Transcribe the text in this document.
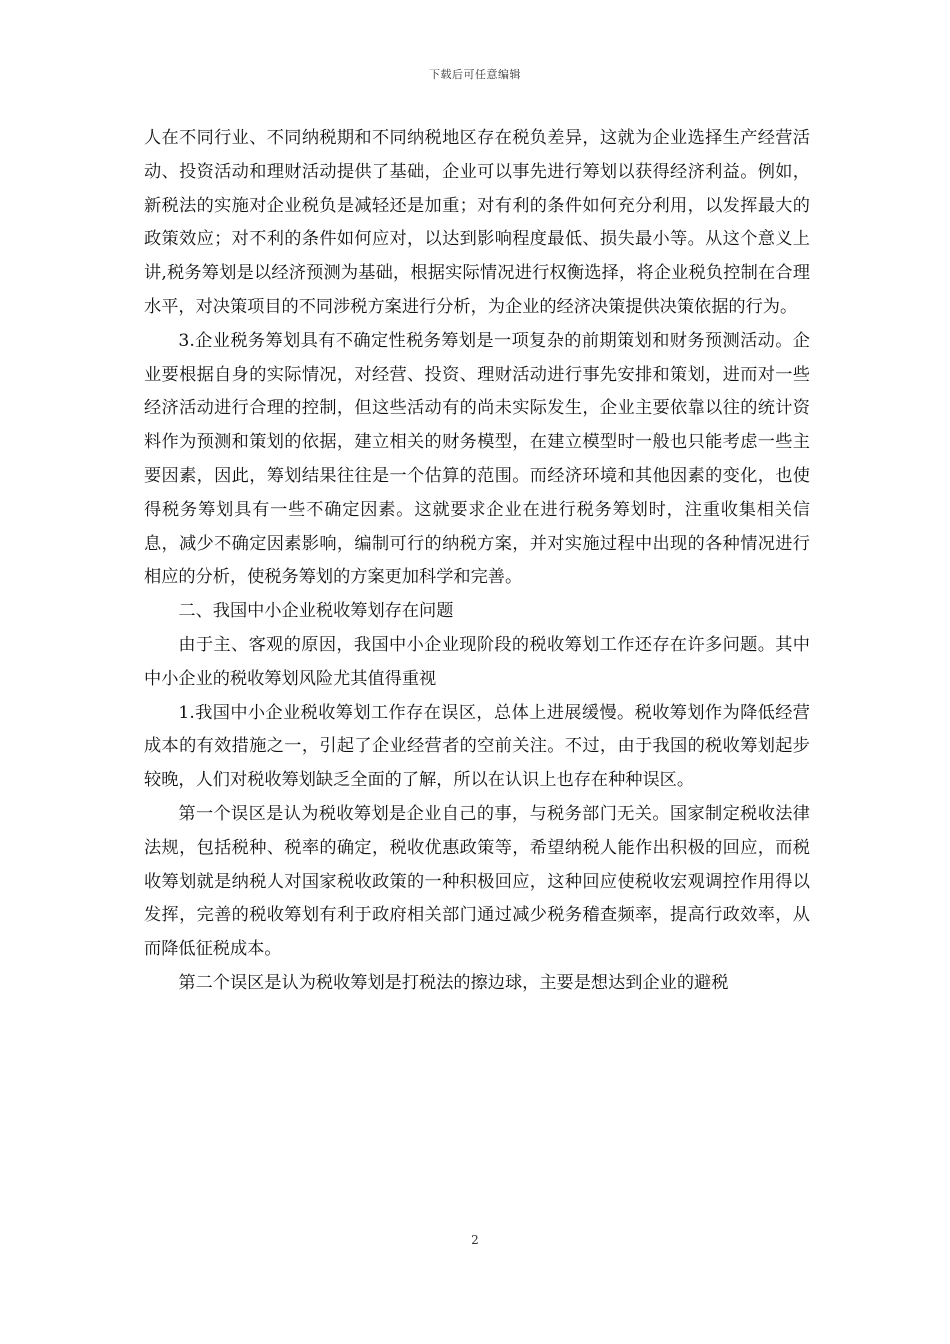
下载后可任意编辑

人在不同行业、不同纳税期和不同纳税地区存在税负差异，这就为企业选择生产经营活动、投资活动和理财活动提供了基础，企业可以事先进行筹划以获得经济利益。例如，新税法的实施对企业税负是减轻还是加重；对有利的条件如何充分利用，以发挥最大的政策效应；对不利的条件如何应对，以达到影响程度最低、损失最小等。从这个意义上讲,税务筹划是以经济预测为基础，根据实际情况进行权衡选择，将企业税负控制在合理水平，对决策项目的不同涉税方案进行分析，为企业的经济决策提供决策依据的行为。

3.企业税务筹划具有不确定性税务筹划是一项复杂的前期策划和财务预测活动。企业要根据自身的实际情况，对经营、投资、理财活动进行事先安排和策划，进而对一些经济活动进行合理的控制，但这些活动有的尚未实际发生，企业主要依靠以往的统计资料作为预测和策划的依据，建立相关的财务模型，在建立模型时一般也只能考虑一些主要因素，因此，筹划结果往往是一个估算的范围。而经济环境和其他因素的变化，也使得税务筹划具有一些不确定因素。这就要求企业在进行税务筹划时，注重收集相关信息，减少不确定因素影响，编制可行的纳税方案，并对实施过程中出现的各种情况进行相应的分析，使税务筹划的方案更加科学和完善。

二、我国中小企业税收筹划存在问题

由于主、客观的原因，我国中小企业现阶段的税收筹划工作还存在许多问题。其中中小企业的税收筹划风险尤其值得重视

1.我国中小企业税收筹划工作存在误区，总体上进展缓慢。税收筹划作为降低经营成本的有效措施之一，引起了企业经营者的空前关注。不过，由于我国的税收筹划起步较晚，人们对税收筹划缺乏全面的了解，所以在认识上也存在种种误区。

第一个误区是认为税收筹划是企业自己的事，与税务部门无关。国家制定税收法律法规，包括税种、税率的确定，税收优惠政策等，希望纳税人能作出积极的回应，而税收筹划就是纳税人对国家税收政策的一种积极回应，这种回应使税收宏观调控作用得以发挥，完善的税收筹划有利于政府相关部门通过减少税务稽查频率，提高行政效率，从而降低征税成本。

第二个误区是认为税收筹划是打税法的擦边球，主要是想达到企业的避税

2
